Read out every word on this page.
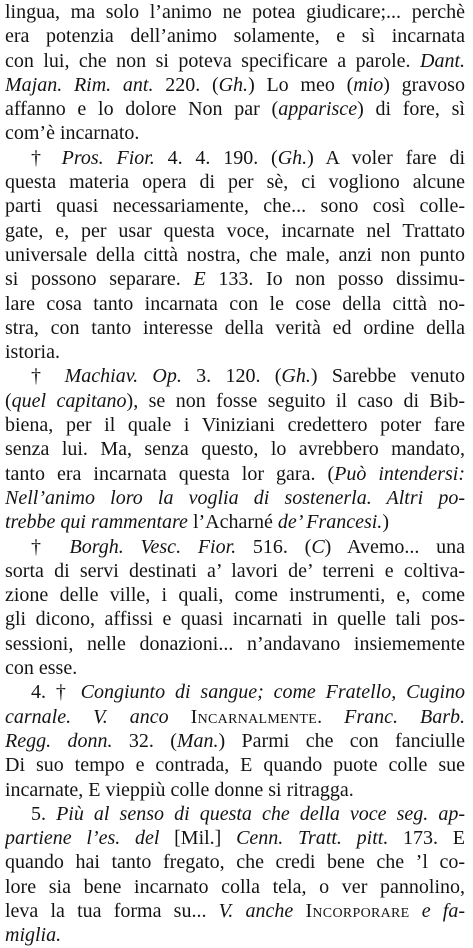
lingua, ma solo l’animo ne potea giudicare;... perchè
era potenzia dell’animo solamente, e sì incarnata
con lui, che non si poteva specificare a parole. Dant.
Majan. Rim. ant. 220. (Gh.) Lo meo (mio) gravoso
affanno e lo dolore Non par (apparisce) di fore, sì
com’è incarnato.
† Pros. Fior. 4. 4. 190. (Gh.) A voler fare di
questa materia opera di per sè, ci vogliono alcune
parti quasi necessariamente, che... sono così colle-
gate, e, per usar questa voce, incarnate nel Trattato
universale della città nostra, che male, anzi non punto
si possono separare. E 133. Io non posso dissimu-
lare cosa tanto incarnata con le cose della città no-
stra, con tanto interesse della verità ed ordine della
istoria.
† Machiav. Op. 3. 120. (Gh.) Sarebbe venuto
(quel capitano), se non fosse seguito il caso di Bib-
biena, per il quale i Viniziani credettero poter fare
senza lui. Ma, senza questo, lo avrebbero mandato,
tanto era incarnata questa lor gara. (Può intendersi:
Nell’animo loro la voglia di sostenerla. Altri po-
trebbe qui rammentare l’Acharné de’ Francesi.)
† Borgh. Vesc. Fior. 516. (C) Avemo... una
sorta di servi destinati a’ lavori de’ terreni e coltiva-
zione delle ville, i quali, come instrumenti, e, come
gli dicono, affissi e quasi incarnati in quelle tali pos-
sessioni, nelle donazioni... n’andavano insiememente
con esse.
4. † Congiunto di sangue; come Fratello, Cugino
carnale. V. anco Incarnalmente. Franc. Barb.
Regg. donn. 32. (Man.) Parmi che con fanciulle
Di suo tempo e contrada, E quando puote colle sue
incarnate, E vieppiù colle donne si ritragga.
5. Più al senso di questa che della voce seg. ap-
partiene l’es. del [Mil.] Cenn. Tratt. pitt. 173. E
quando hai tanto fregato, che credi bene che ’l co-
lore sia bene incarnato colla tela, o ver pannolino,
leva la tua forma su... V. anche Incorporare e fa-
miglia.
